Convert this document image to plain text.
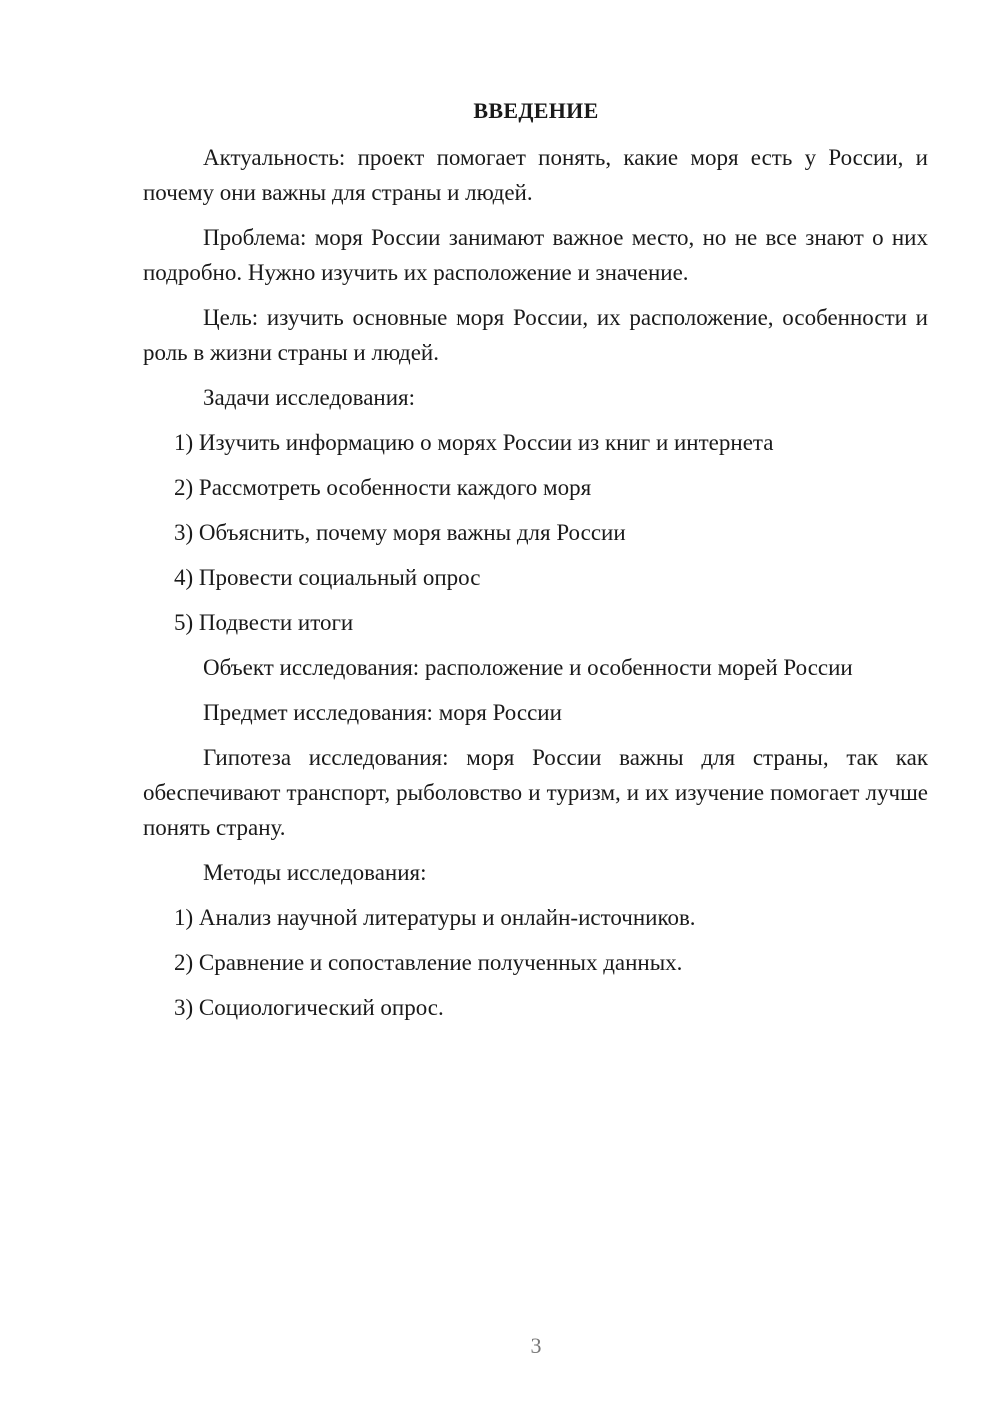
ВВЕДЕНИЕ

Актуальность: проект помогает понять, какие моря есть у России, и почему они важны для страны и людей.

Проблема: моря России занимают важное место, но не все знают о них подробно. Нужно изучить их расположение и значение.

Цель: изучить основные моря России, их расположение, особенности и роль в жизни страны и людей.

Задачи исследования:

1) Изучить информацию о морях России из книг и интернета
2) Рассмотреть особенности каждого моря
3) Объяснить, почему моря важны для России
4) Провести социальный опрос
5) Подвести итоги

Объект исследования: расположение и особенности морей России

Предмет исследования: моря России

Гипотеза исследования: моря России важны для страны, так как обеспечивают транспорт, рыболовство и туризм, и их изучение помогает лучше понять страну.

Методы исследования:

1) Анализ научной литературы и онлайн-источников.
2) Сравнение и сопоставление полученных данных.
3) Социологический опрос.
3
